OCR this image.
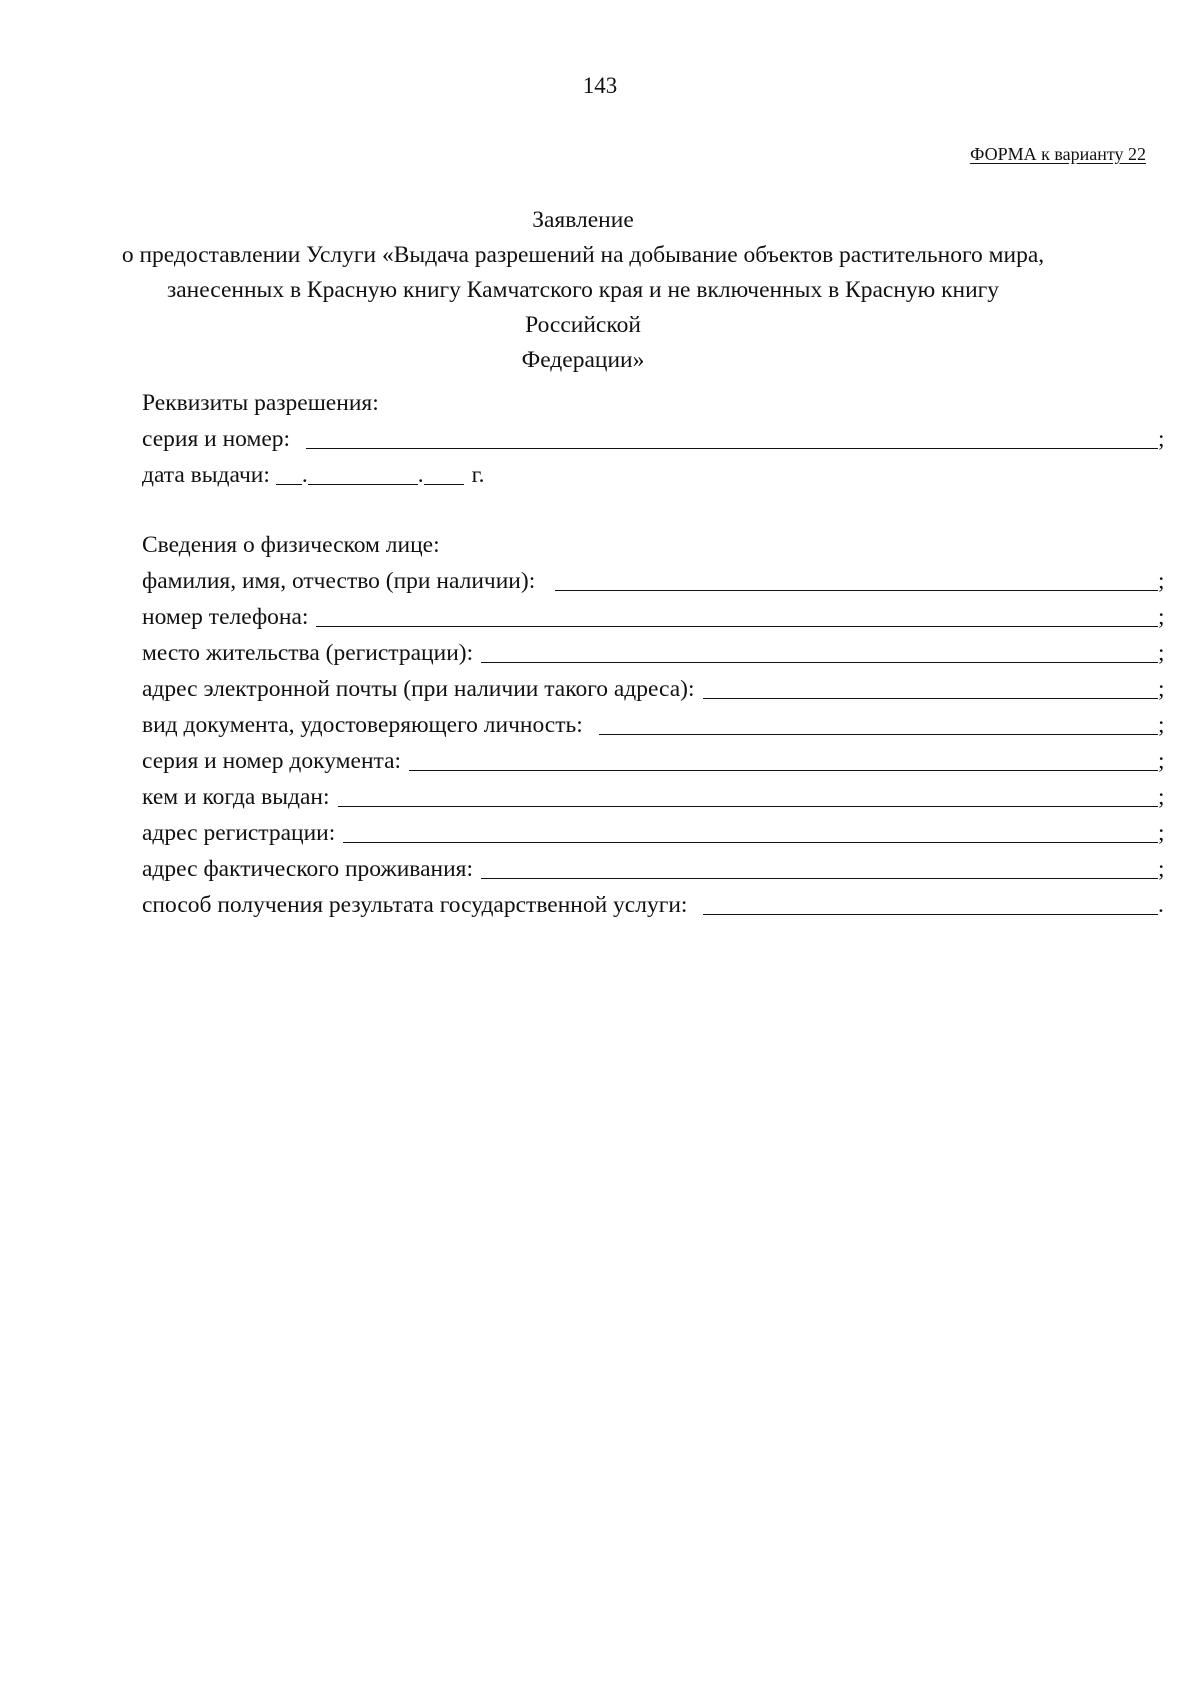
143
ФОРМА к варианту 22

Заявление

о предоставлении Услуги «Выдача разрешений на добывание объектов растительного мира,

занесенных в Красную книгу Камчатского края и не включенных в Красную книгу Российской

Федерации»

Реквизиты разрешения:
серия и номер:	;
дата выдачи: .	. г.
Сведения о физическом лице:
фамилия, имя, отчество (при наличии):	;
номер телефона:	;
место жительства (регистрации):	;
адрес электронной почты (при наличии такого адреса):	;
вид документа, удостоверяющего личность:	;
серия и номер документа:	;
кем и когда выдан:	;
адрес регистрации:	;
адрес фактического проживания:	;
способ получения результата государственной услуги:	.
